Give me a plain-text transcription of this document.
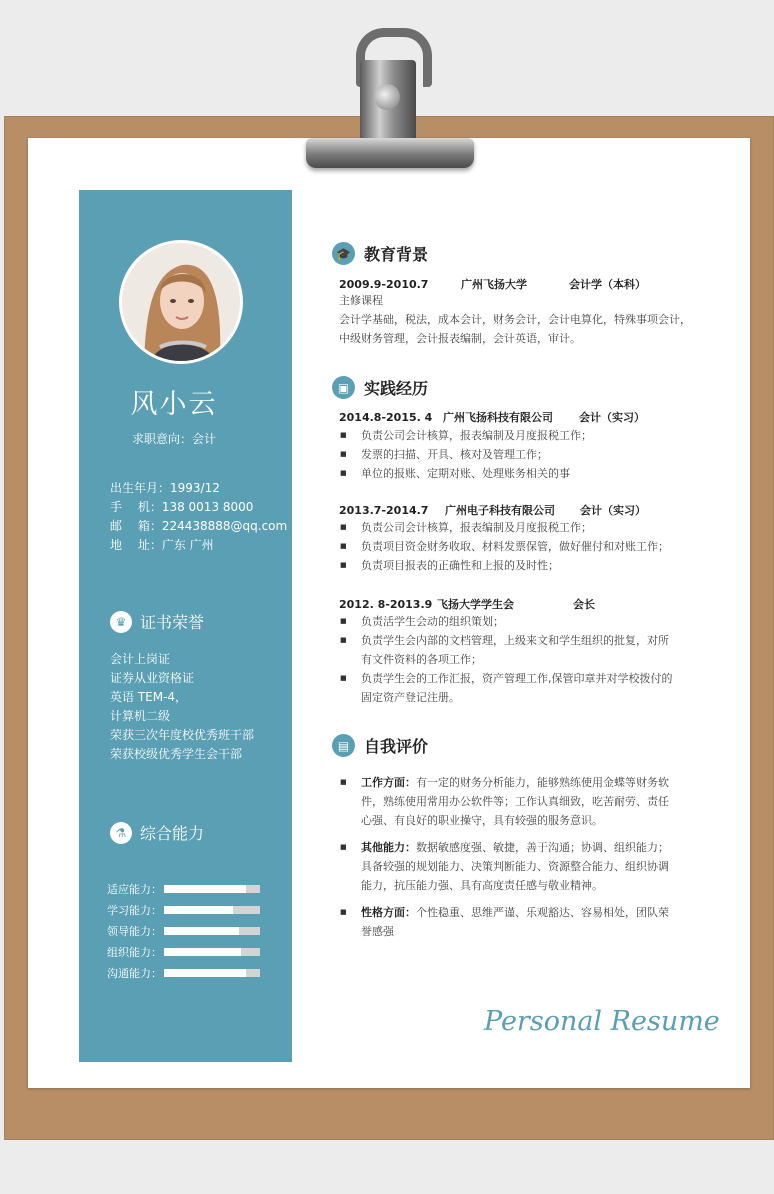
风小云
求职意向：会计
出生年月：1993/12
手　 机：138 0013 8000
邮　 箱：224438888@qq.com
地　 址：广东 广州
♛ 证书荣誉
会计上岗证
证券从业资格证
英语 TEM-4，
计算机二级
荣获三次年度校优秀班干部
荣获校级优秀学生会干部
⚗ 综合能力
适应能力：
学习能力：
领导能力：
组织能力：
沟通能力：
🎓 教育背景
2009.9-2010.7	广州飞扬大学	会计学（本科）
主修课程
会计学基础，税法，成本会计，财务会计，会计电算化，特殊事项会计，
中级财务管理，会计报表编制，会计英语，审计。
▣ 实践经历
2014.8-2015. 4 广州飞扬科技有限公司 会计（实习）
■ 负责公司会计核算，报表编制及月度报税工作；
■ 发票的扫描、开具、核对及管理工作；
■ 单位的报账、定期对账、处理账务相关的事
2013.7-2014.7 广州电子科技有限公司 会计（实习）
■ 负责公司会计核算，报表编制及月度报税工作；
■ 负责项目资金财务收取、材料发票保管，做好催付和对账工作；
■ 负责项目报表的正确性和上报的及时性；
2012. 8-2013.9 飞扬大学学生会	会长
■ 负责活学生会动的组织策划；
■ 负责学生会内部的文档管理，上级来文和学生组织的批复，对所有文件资料的各项工作；
■ 负责学生会的工作汇报，资产管理工作,保管印章并对学校拨付的固定资产登记注册。
▤ 自我评价
■ 工作方面：有一定的财务分析能力，能够熟练使用金蝶等财务软件，熟练使用常用办公软件等；工作认真细致，吃苦耐劳、责任心强、有良好的职业操守，具有较强的服务意识。
■ 其他能力：数据敏感度强、敏捷，善于沟通；协调、组织能力；具备较强的规划能力、决策判断能力、资源整合能力、组织协调能力，抗压能力强、具有高度责任感与敬业精神。
■ 性格方面：个性稳重、思维严谨、乐观豁达、容易相处，团队荣誉感强
Personal Resume
